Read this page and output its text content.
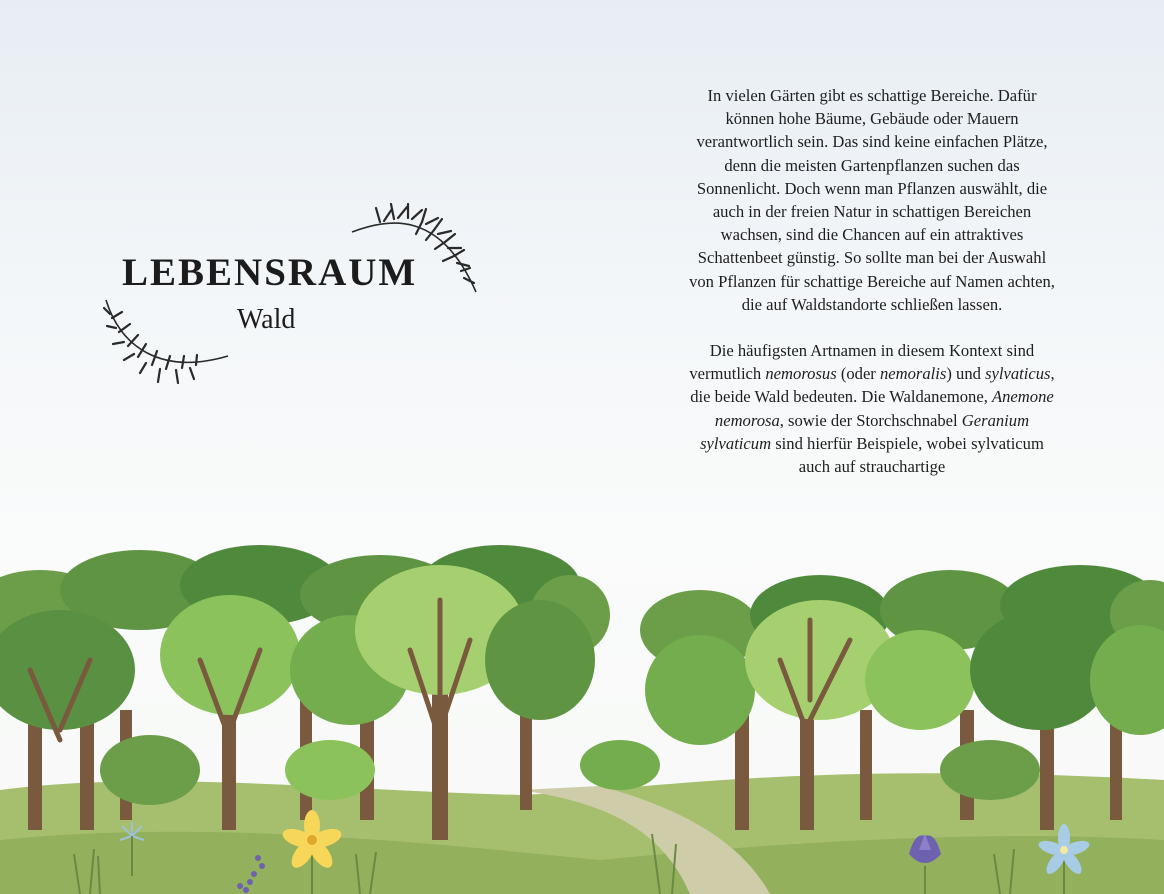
LEBENSRAUM
Wald

In vielen Gärten gibt es schattige Bereiche. Dafür können hohe Bäume, Gebäude oder Mauern verantwortlich sein. Das sind keine einfachen Plätze, denn die meisten Gartenpflanzen suchen das Sonnenlicht. Doch wenn man Pflanzen auswählt, die auch in der freien Natur in schattigen Bereichen wachsen, sind die Chancen auf ein attraktives Schattenbeet günstig. So sollte man bei der Auswahl von Pflanzen für schattige Bereiche auf Namen achten, die auf Waldstandorte schließen lassen.

Die häufigsten Artnamen in diesem Kontext sind vermutlich nemorosus (oder nemoralis) und sylvaticus, die beide Wald bedeuten. Die Waldanemone, Anemone nemorosa, sowie der Storchschnabel Geranium sylvaticum sind hierfür Beispiele, wobei sylvaticum auch auf strauchartige
